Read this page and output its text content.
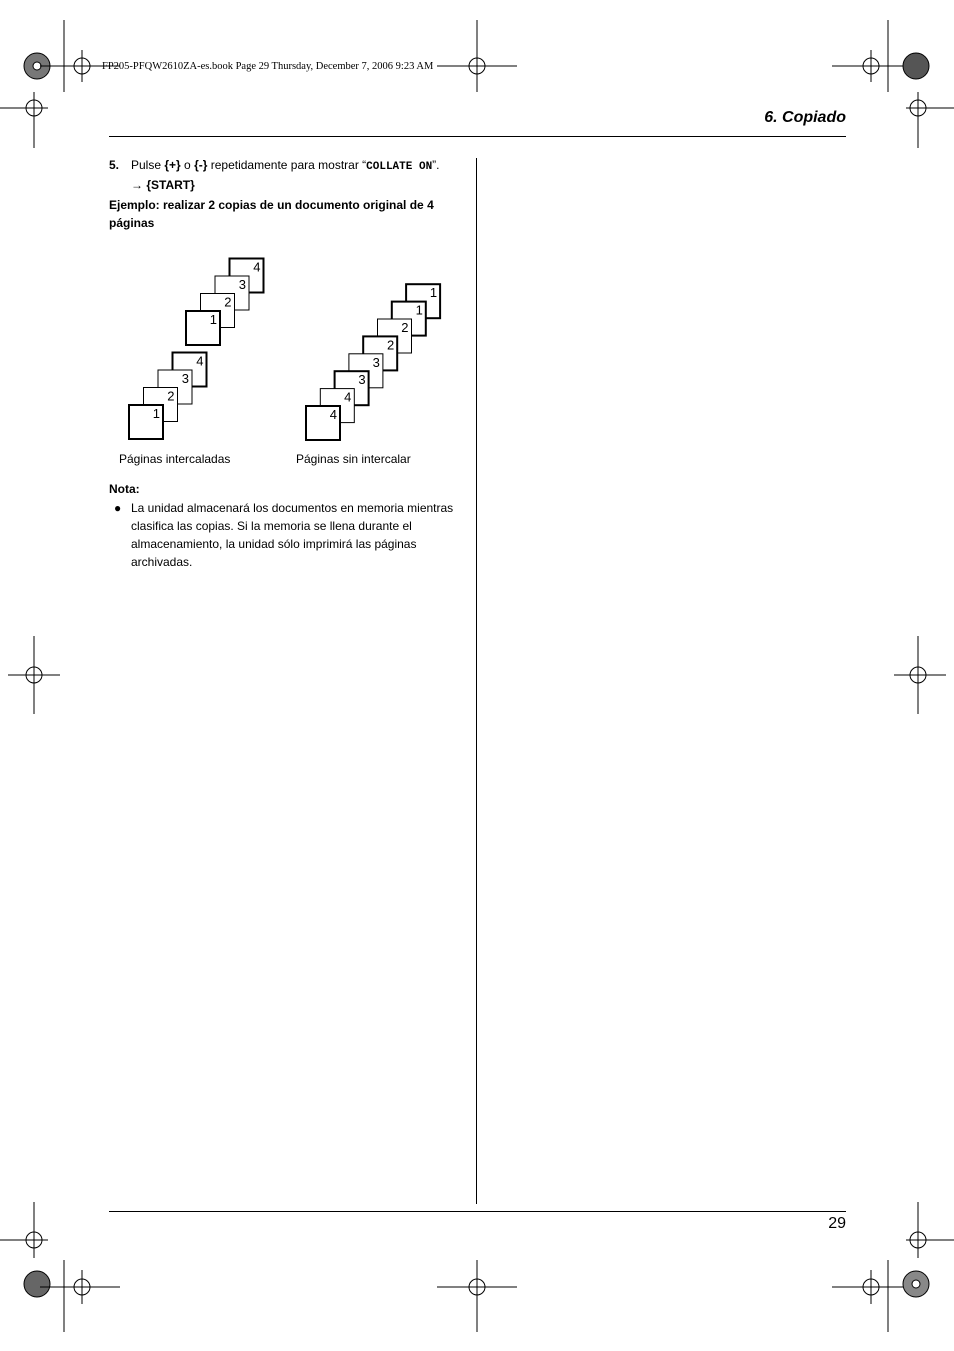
FP205-PFQW2610ZA-es.book Page 29 Thursday, December 7, 2006 9:23 AM
6. Copiado
5. Pulse {+} o {-} repetidamente para mostrar “COLLATE ON”.
→ {START}
Ejemplo: realizar 2 copias de un documento original de 4 páginas
4
3
2
1
4
3
2
1
1
1
2
2
3
3
4
4
Páginas intercaladas	Páginas sin intercalar
Nota:
● La unidad almacenará los documentos en memoria mientras clasifica las copias. Si la memoria se llena durante el almacenamiento, la unidad sólo imprimirá las páginas archivadas.
29
